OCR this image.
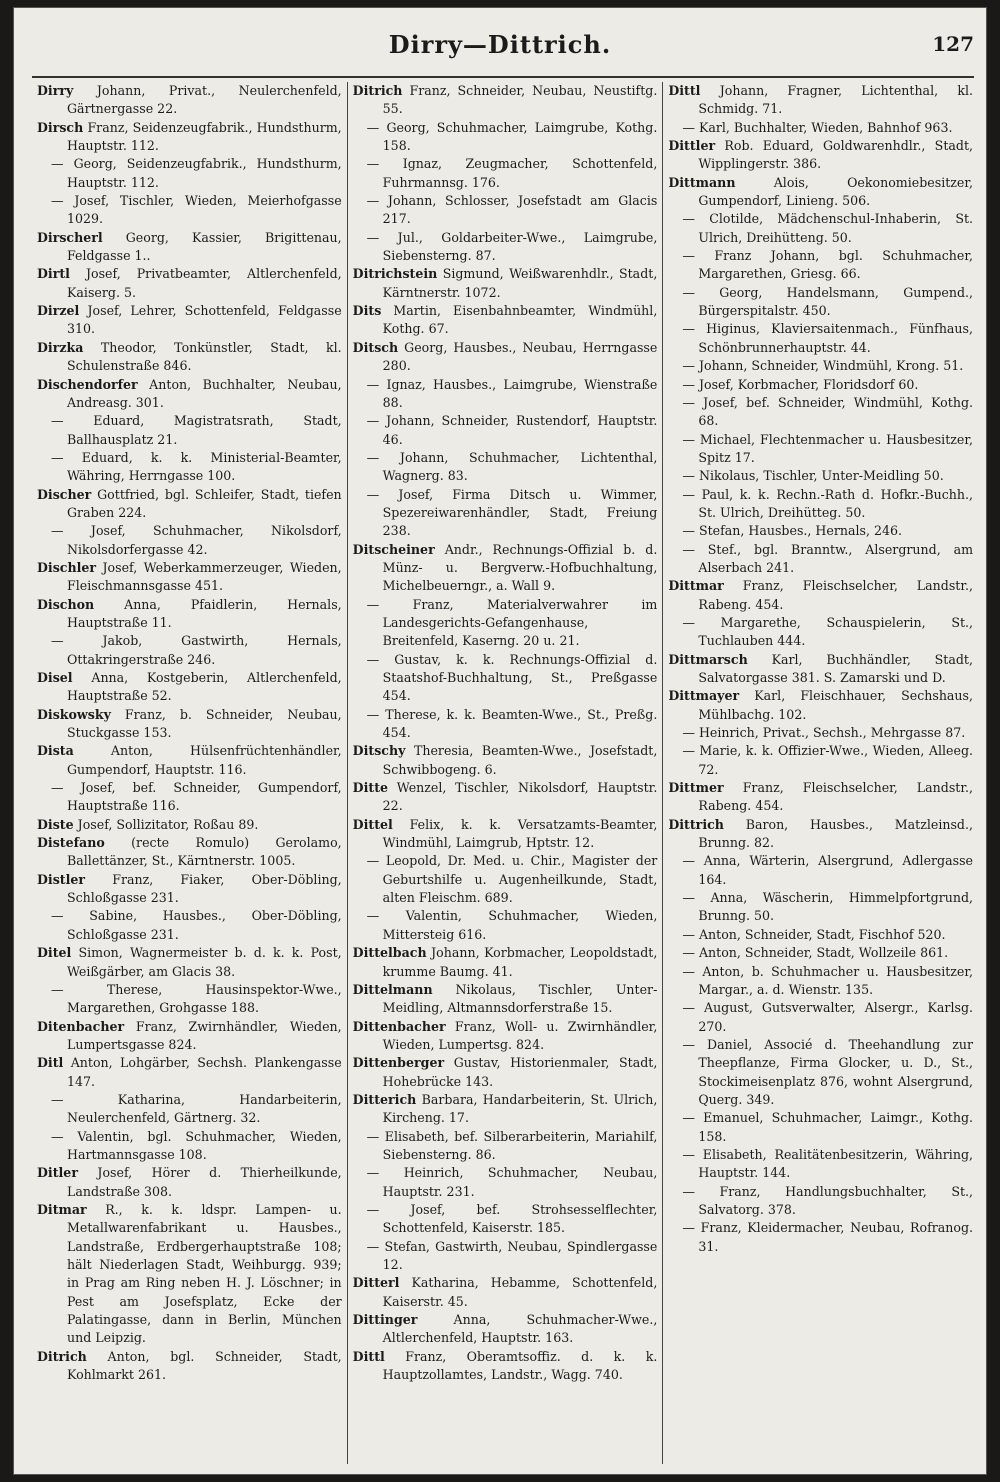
Dirry—Dittrich.	127
Dirry Johann, Privat., Neulerchenfeld, Gärtnergasse 22.
Dirsch Franz, Seidenzeugfabrik., Hundsthurm, Hauptstr. 112.
— Georg, Seidenzeugfabrik., Hundsthurm, Hauptstr. 112.
— Josef, Tischler, Wieden, Meierhofgasse 1029.
Dirscherl Georg, Kassier, Brigittenau, Feldgasse 1..
Dirtl Josef, Privatbeamter, Altlerchenfeld, Kaiserg. 5.
Dirzel Josef, Lehrer, Schottenfeld, Feldgasse 310.
Dirzka Theodor, Tonkünstler, Stadt, kl. Schulenstraße 846.
Dischendorfer Anton, Buchhalter, Neubau, Andreasg. 301.
— Eduard, Magistratsrath, Stadt, Ballhausplatz 21.
— Eduard, k. k. Ministerial-Beamter, Währing, Herrngasse 100.
Discher Gottfried, bgl. Schleifer, Stadt, tiefen Graben 224.
— Josef, Schuhmacher, Nikolsdorf, Nikolsdorfergasse 42.
Dischler Josef, Weberkammerzeuger, Wieden, Fleischmannsgasse 451.
Dischon Anna, Pfaidlerin, Hernals, Hauptstraße 11.
— Jakob, Gastwirth, Hernals, Ottakringerstraße 246.
Disel Anna, Kostgeberin, Altlerchenfeld, Hauptstraße 52.
Diskowsky Franz, b. Schneider, Neubau, Stuckgasse 153.
Dista	Anton, Hülsenfrüchtenhändler, Gumpendorf, Hauptstr. 116.
— Josef, bef. Schneider, Gumpendorf, Hauptstraße 116.
Diste Josef, Sollizitator, Roßau 89.
Distefano (recte Romulo) Gerolamo, Ballettänzer, St., Kärntnerstr. 1005.
Distler Franz, Fiaker, Ober-Döbling, Schloßgasse 231.
— Sabine, Hausbes., Ober-Döbling, Schloßgasse 231.
Ditel Simon, Wagnermeister b. d. k. k. Post, Weißgärber, am Glacis 38.
— Therese, Hausinspektor-Wwe., Margarethen, Grohgasse 188.
Ditenbacher Franz, Zwirnhändler, Wieden, Lumpertsgasse 824.
Ditl Anton, Lohgärber, Sechsh. Plankengasse 147.
— Katharina, Handarbeiterin, Neulerchenfeld, Gärtnerg. 32.
— Valentin, bgl. Schuhmacher, Wieden, Hartmannsgasse 108.
Ditler Josef, Hörer d. Thierheilkunde, Landstraße 308.
Ditmar R., k. k. ldspr. Lampen- u. Metallwarenfabrikant u. Hausbes., Landstraße, Erdbergerhauptstraße 108; hält Niederlagen Stadt, Weihburgg. 939; in Prag am Ring neben H. J. Löschner; in Pest am Josefsplatz, Ecke der Palatingasse, dann in Berlin, München und Leipzig.
Ditrich Anton, bgl. Schneider, Stadt, Kohlmarkt 261.
Ditrich Franz, Schneider, Neubau, Neustiftg. 55.
— Georg, Schuhmacher, Laimgrube, Kothg. 158.
— Ignaz, Zeugmacher, Schottenfeld, Fuhrmannsg. 176.
— Johann, Schlosser, Josefstadt am Glacis 217.
— Jul., Goldarbeiter-Wwe., Laimgrube, Siebensterng. 87.
Ditrichstein Sigmund, Weißwarenhdlr., Stadt, Kärntnerstr. 1072.
Dits Martin, Eisenbahnbeamter, Windmühl, Kothg. 67.
Ditsch Georg, Hausbes., Neubau, Herrngasse 280.
— Ignaz, Hausbes., Laimgrube, Wienstraße 88.
— Johann, Schneider, Rustendorf, Hauptstr. 46.
— Johann, Schuhmacher, Lichtenthal, Wagnerg. 83.
— Josef, Firma Ditsch u. Wimmer, Spezereiwarenhändler, Stadt, Freiung 238.
Ditscheiner Andr., Rechnungs-Offizial b. d. Münz- u. Bergverw.-Hofbuchhaltung, Michelbeuerngr., a. Wall 9.
— Franz, Materialverwahrer im Landesgerichts-Gefangenhause, Breitenfeld, Kaserng. 20 u. 21.
— Gustav, k. k. Rechnungs-Offizial d. Staatshof-Buchhaltung, St., Preßgasse 454.
— Therese, k. k. Beamten-Wwe., St., Preßg. 454.
Ditschy Theresia, Beamten-Wwe., Josefstadt, Schwibbogeng. 6.
Ditte Wenzel, Tischler, Nikolsdorf, Hauptstr. 22.
Dittel Felix, k. k. Versatzamts-Beamter, Windmühl, Laimgrub, Hptstr. 12.
— Leopold, Dr. Med. u. Chir., Magister der Geburtshilfe u. Augenheilkunde, Stadt, alten Fleischm. 689.
— Valentin, Schuhmacher, Wieden, Mittersteig 616.
Dittelbach Johann, Korbmacher, Leopoldstadt, krumme Baumg. 41.
Dittelmann Nikolaus, Tischler, Unter-Meidling, Altmannsdorferstraße 15.
Dittenbacher Franz, Woll- u. Zwirnhändler, Wieden, Lumpertsg. 824.
Dittenberger Gustav, Historienmaler, Stadt, Hohebrücke 143.
Ditterich Barbara, Handarbeiterin, St. Ulrich, Kircheng. 17.
— Elisabeth, bef. Silberarbeiterin, Mariahilf, Siebensterng. 86.
— Heinrich, Schuhmacher, Neubau, Hauptstr. 231.
— Josef, bef. Strohsesselflechter, Schottenfeld, Kaiserstr. 185.
— Stefan, Gastwirth, Neubau, Spindlergasse 12.
Ditterl Katharina, Hebamme, Schottenfeld, Kaiserstr. 45.
Dittinger	Anna, Schuhmacher-Wwe., Altlerchenfeld, Hauptstr. 163.
Dittl Franz, Oberamtsoffiz. d. k. k. Hauptzollamtes, Landstr., Wagg. 740.
Dittl Johann, Fragner, Lichtenthal, kl. Schmidg. 71.
— Karl, Buchhalter, Wieden, Bahnhof 963.
Dittler Rob. Eduard, Goldwarenhdlr., Stadt, Wipplingerstr. 386.
Dittmann	Alois, Oekonomiebesitzer, Gumpendorf, Linieng. 506.
— Clotilde, Mädchenschul-Inhaberin, St. Ulrich, Dreihütteng. 50.
— Franz Johann, bgl. Schuhmacher, Margarethen, Griesg. 66.
— Georg, Handelsmann, Gumpend., Bürgerspitalstr. 450.
— Higinus, Klaviersaitenmach., Fünfhaus, Schönbrunnerhauptstr. 44.
— Johann, Schneider, Windmühl, Krong. 51.
— Josef, Korbmacher, Floridsdorf 60.
— Josef, bef. Schneider, Windmühl, Kothg. 68.
— Michael, Flechtenmacher u. Hausbesitzer, Spitz 17.
— Nikolaus, Tischler, Unter-Meidling 50.
— Paul, k. k. Rechn.-Rath d. Hofkr.-Buchh., St. Ulrich, Dreihütteg. 50.
— Stefan, Hausbes., Hernals, 246.
— Stef., bgl. Branntw., Alsergrund, am Alserbach 241.
Dittmar Franz, Fleischselcher, Landstr., Rabeng. 454.
— Margarethe, Schauspielerin, St., Tuchlauben 444.
Dittmarsch Karl, Buchhändler, Stadt, Salvatorgasse 381. S. Zamarski und D.
Dittmayer Karl, Fleischhauer, Sechshaus, Mühlbachg. 102.
— Heinrich, Privat., Sechsh., Mehrgasse 87.
— Marie, k. k. Offizier-Wwe., Wieden, Alleeg. 72.
Dittmer Franz, Fleischselcher, Landstr., Rabeng. 454.
Dittrich Baron, Hausbes., Matzleinsd., Brunng. 82.
— Anna, Wärterin, Alsergrund, Adlergasse 164.
— Anna, Wäscherin, Himmelpfortgrund, Brunng. 50.
— Anton, Schneider, Stadt, Fischhof 520.
— Anton, Schneider, Stadt, Wollzeile 861.
— Anton, b. Schuhmacher u. Hausbesitzer, Margar., a. d. Wienstr. 135.
— August, Gutsverwalter, Alsergr., Karlsg. 270.
— Daniel, Associé d. Theehandlung zur Theepflanze, Firma Glocker, u. D., St., Stockimeisenplatz 876, wohnt Alsergrund, Querg. 349.
— Emanuel, Schuhmacher, Laimgr., Kothg. 158.
— Elisabeth, Realitätenbesitzerin, Währing, Hauptstr. 144.
— Franz, Handlungsbuchhalter, St., Salvatorg. 378.
— Franz, Kleidermacher, Neubau, Rofranog. 31.
